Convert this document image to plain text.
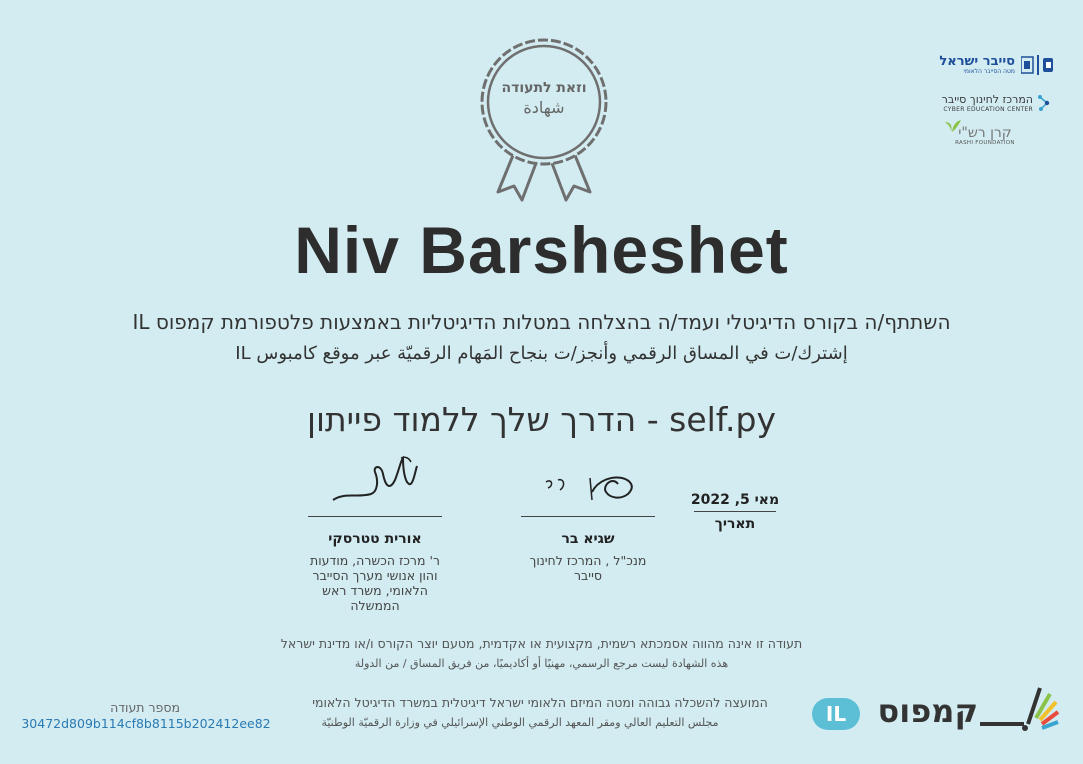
וזאת לתעודה
شهادة
סייבר ישראל
מטה הסייבר הלאומי
המרכז לחינוך סייבר
CYBER EDUCATION CENTER
קרן רש"י
RASHI FOUNDATION
Niv Barsheshet
השתתף/ה בקורס הדיגיטלי ועמד/ה בהצלחה במטלות הדיגיטליות באמצעות פלטפורמת קמפוס IL
إشترك/ت في المساق الرقمي وأنجز/ت بنجاح المَهام الرقميّة عبر موقع كامبوس IL
self.py - הדרך שלך ללמוד פייתון
אורית טטרסקי
ר' מרכז הכשרה, מודעות והון אנושי מערך הסייבר הלאומי, משרד ראש הממשלה
שגיא בר
מנכ"ל , המרכז לחינוך סייבר
מאי 5, 2022
תאריך
תעודה זו אינה מהווה אסמכתא רשמית, מקצועית או אקדמית, מטעם יוצר הקורס ו/או מדינת ישראל
هذه الشهادة ليست مرجع الرسمي، مهنيًا أو أكاديميًا، من فريق المساق / من الدولة
המועצה להשכלה גבוהה ומטה המיזם הלאומי ישראל דיגיטלית במשרד הדיגיטל הלאומי
مجلس التعليم العالي ومقر المعهد الرقمي الوطني الإسرائيلي في وزارة الرقميّة الوطنيّة
מספר תעודה
30472d809b114cf8b8115b202412ee82	IL קמפוס
